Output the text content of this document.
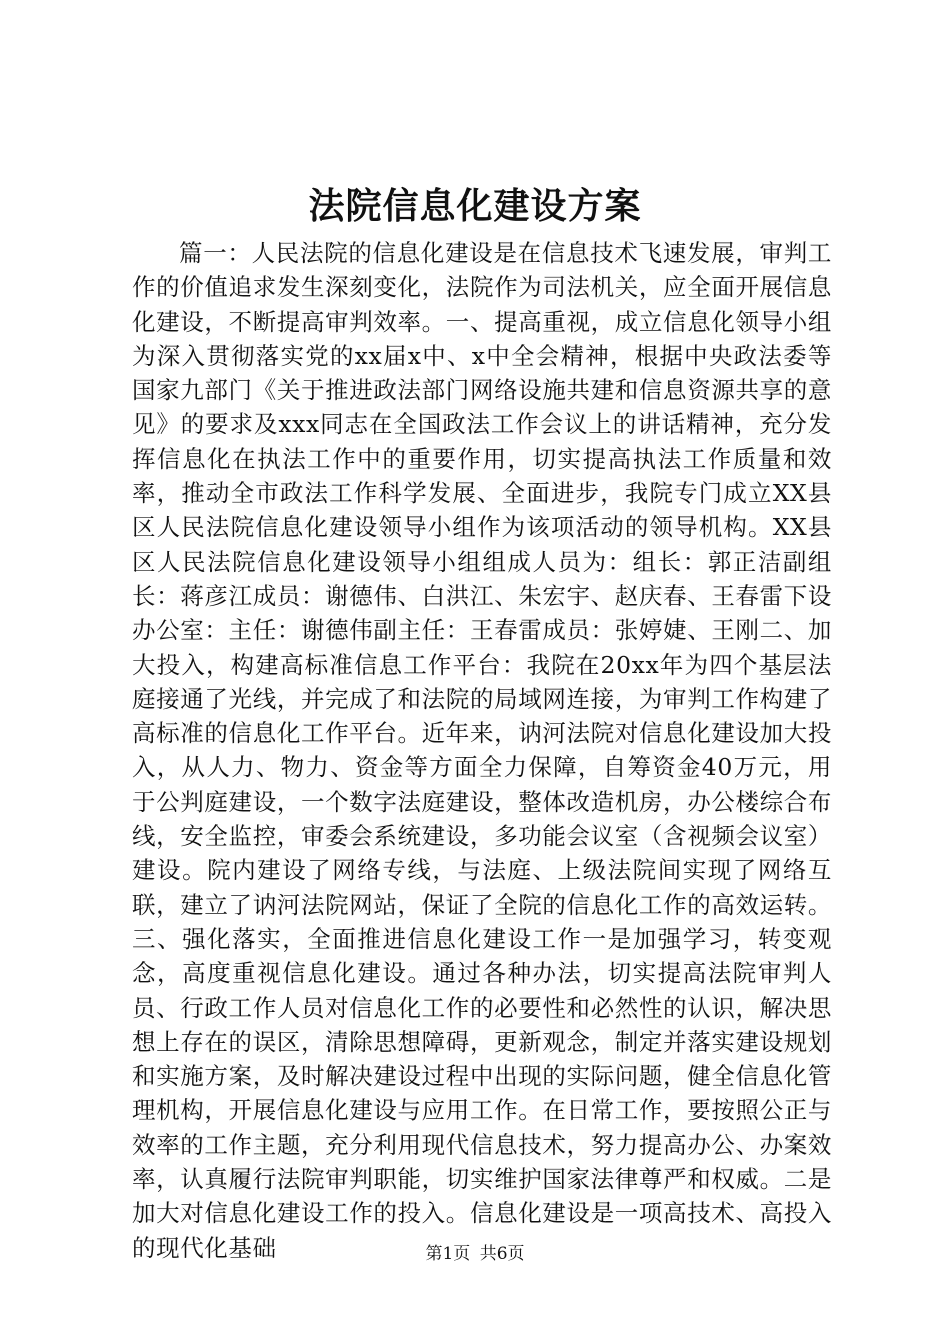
法院信息化建设方案

篇一：人民法院的信息化建设是在信息技术飞速发展，审判工作的价值追求发生深刻变化，法院作为司法机关，应全面开展信息化建设，不断提高审判效率。一、提高重视，成立信息化领导小组为深入贯彻落实党的xx届x中、x中全会精神，根据中央政法委等国家九部门《关于推进政法部门网络设施共建和信息资源共享的意见》的要求及xxx同志在全国政法工作会议上的讲话精神，充分发挥信息化在执法工作中的重要作用，切实提高执法工作质量和效率，推动全市政法工作科学发展、全面进步，我院专门成立XX县区人民法院信息化建设领导小组作为该项活动的领导机构。XX县区人民法院信息化建设领导小组组成人员为：组长：郭正洁副组长：蒋彦江成员：谢德伟、白洪江、朱宏宇、赵庆春、王春雷下设办公室：主任：谢德伟副主任：王春雷成员：张婷婕、王刚二、加大投入，构建高标准信息工作平台：我院在20xx年为四个基层法庭接通了光线，并完成了和法院的局域网连接，为审判工作构建了高标准的信息化工作平台。近年来，讷河法院对信息化建设加大投入，从人力、物力、资金等方面全力保障，自筹资金40万元，用于公判庭建设，一个数字法庭建设，整体改造机房，办公楼综合布线，安全监控，审委会系统建设，多功能会议室（含视频会议室）建设。院内建设了网络专线，与法庭、上级法院间实现了网络互联，建立了讷河法院网站，保证了全院的信息化工作的高效运转。三、强化落实，全面推进信息化建设工作一是加强学习，转变观念，高度重视信息化建设。通过各种办法，切实提高法院审判人员、行政工作人员对信息化工作的必要性和必然性的认识，解决思想上存在的误区，清除思想障碍，更新观念，制定并落实建设规划和实施方案，及时解决建设过程中出现的实际问题，健全信息化管理机构，开展信息化建设与应用工作。在日常工作，要按照公正与效率的工作主题，充分利用现代信息技术，努力提高办公、办案效率，认真履行法院审判职能，切实维护国家法律尊严和权威。二是加大对信息化建设工作的投入。信息化建设是一项高技术、高投入的现代化基础	第1页 共6页
